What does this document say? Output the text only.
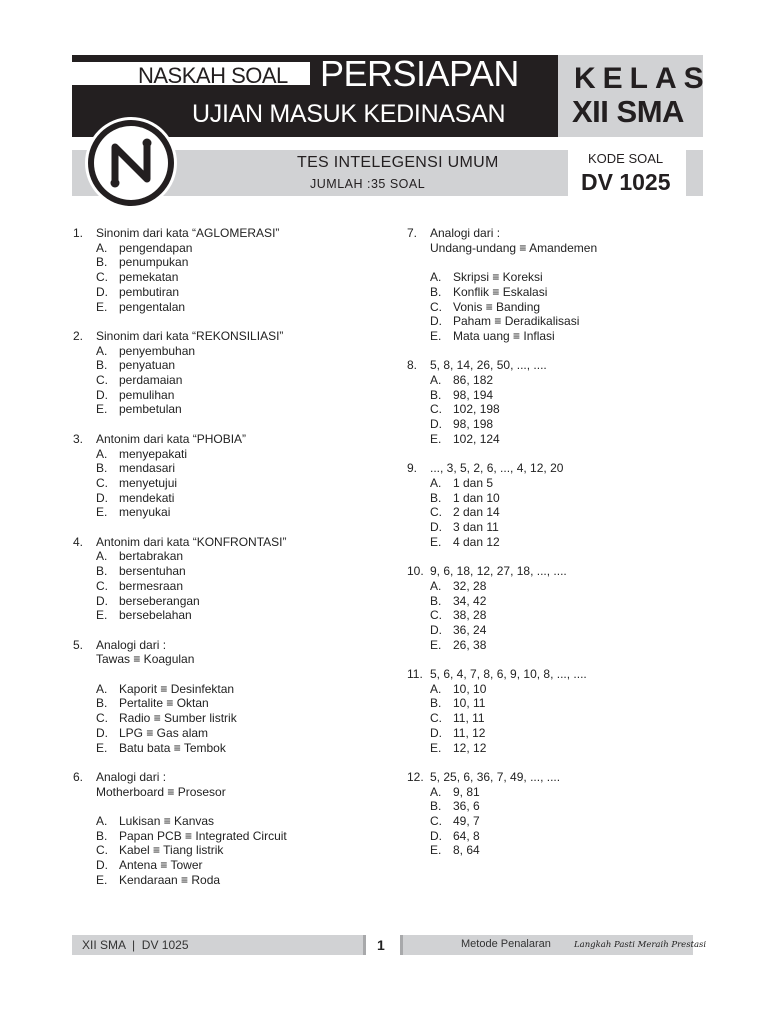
NASKAH SOAL PERSIAPAN
UJIAN MASUK KEDINASAN
KELAS
XII SMA
TES INTELEGENSI UMUM
JUMLAH :35 SOAL
KODE SOAL
DV 1025
1.	Sinonim dari kata “AGLOMERASI”
A. pengendapan
B. penumpukan
C. pemekatan
D. pembutiran
E. pengentalan
2.	Sinonim dari kata “REKONSILIASI”
A. penyembuhan
B. penyatuan
C. perdamaian
D. pemulihan
E. pembetulan
3.	Antonim dari kata “PHOBIA”
A. menyepakati
B. mendasari
C. menyetujui
D. mendekati
E. menyukai
4.	Antonim dari kata “KONFRONTASI”
A. bertabrakan
B. bersentuhan
C. bermesraan
D. berseberangan
E. bersebelahan
5.	Analogi dari :
Tawas ≡ Koagulan
A. Kaporit ≡ Desinfektan
B. Pertalite ≡ Oktan
C. Radio ≡ Sumber listrik
D. LPG ≡ Gas alam
E. Batu bata ≡ Tembok
6.	Analogi dari :
Motherboard ≡ Prosesor
A. Lukisan ≡ Kanvas
B. Papan PCB ≡ Integrated Circuit
C. Kabel ≡ Tiang listrik
D. Antena ≡ Tower
E. Kendaraan ≡ Roda
7.	Analogi dari :
Undang-undang ≡ Amandemen
A. Skripsi ≡ Koreksi
B. Konflik ≡ Eskalasi
C. Vonis ≡ Banding
D. Paham ≡ Deradikalisasi
E. Mata uang ≡ Inflasi
8.	5, 8, 14, 26, 50, ..., ....
A. 86, 182
B. 98, 194
C. 102, 198
D. 98, 198
E. 102, 124
9.	..., 3, 5, 2, 6, ..., 4, 12, 20
A. 1 dan 5
B. 1 dan 10
C. 2 dan 14
D. 3 dan 11
E. 4 dan 12
10. 9, 6, 18, 12, 27, 18, ..., ....
A. 32, 28
B. 34, 42
C. 38, 28
D. 36, 24
E. 26, 38
11. 5, 6, 4, 7, 8, 6, 9, 10, 8, ..., ....
A. 10, 10
B. 10, 11
C. 11, 11
D. 11, 12
E. 12, 12
12. 5, 25, 6, 36, 7, 49, ..., ....
A. 9, 81
B. 36, 6
C. 49, 7
D. 64, 8
E. 8, 64
XII SMA  |  DV 1025	1	Metode Penalaran	Langkah Pasti Meraih Prestasi
